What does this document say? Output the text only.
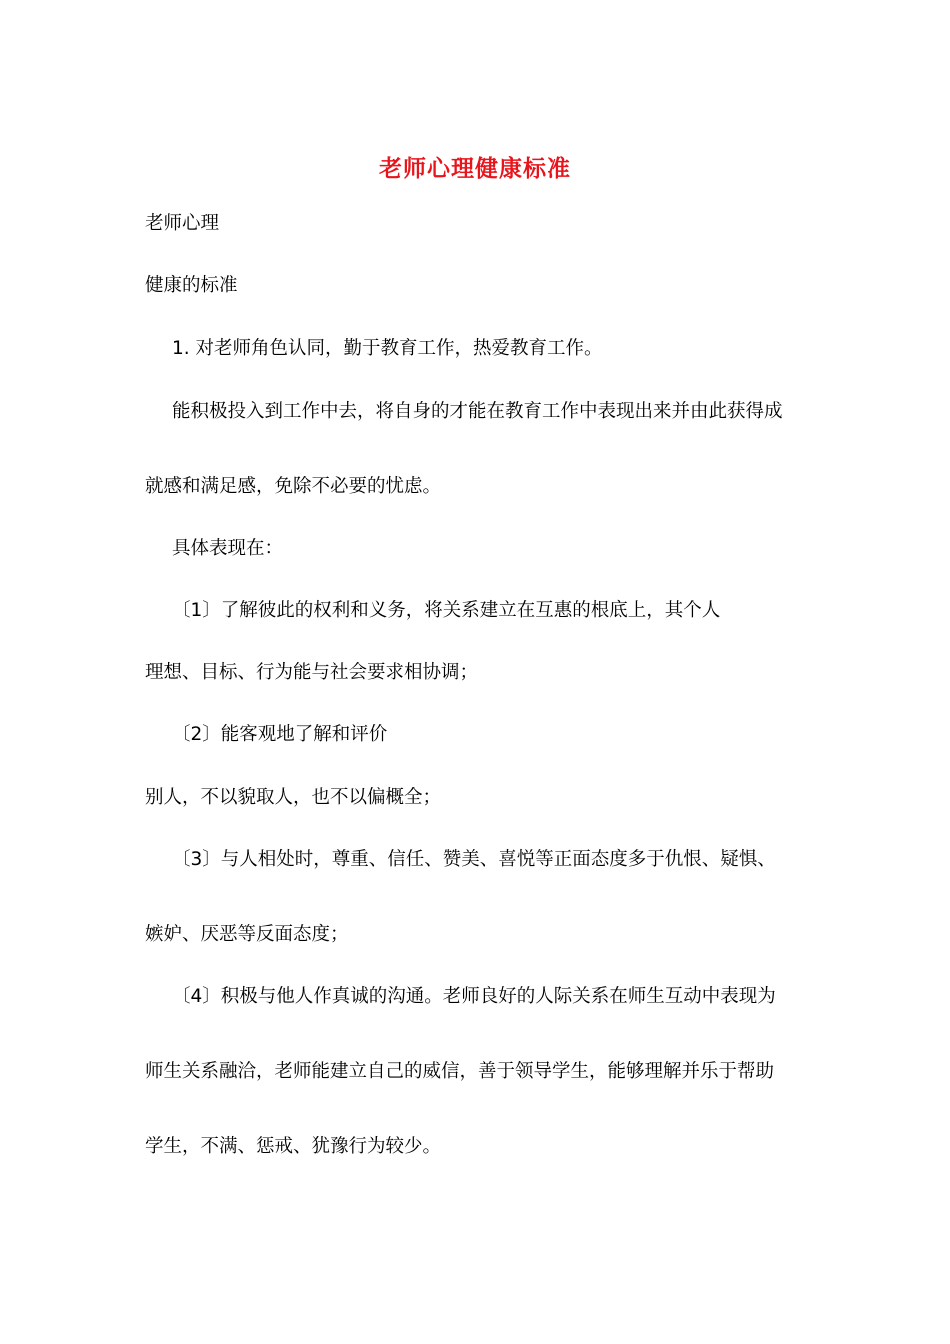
老师心理健康标准
老师心理
健康的标准
1. 对老师角色认同，勤于教育工作，热爱教育工作。
能积极投入到工作中去，将自身的才能在教育工作中表现出来并由此获得成
就感和满足感，免除不必要的忧虑。
具体表现在：
〔1〕了解彼此的权利和义务，将关系建立在互惠的根底上，其个人
理想、目标、行为能与社会要求相协调；
〔2〕能客观地了解和评价
别人，不以貌取人，也不以偏概全；
〔3〕与人相处时，尊重、信任、赞美、喜悦等正面态度多于仇恨、疑惧、
嫉妒、厌恶等反面态度；
〔4〕积极与他人作真诚的沟通。老师良好的人际关系在师生互动中表现为
师生关系融洽，老师能建立自己的威信，善于领导学生，能够理解并乐于帮助
学生，不满、惩戒、犹豫行为较少。
